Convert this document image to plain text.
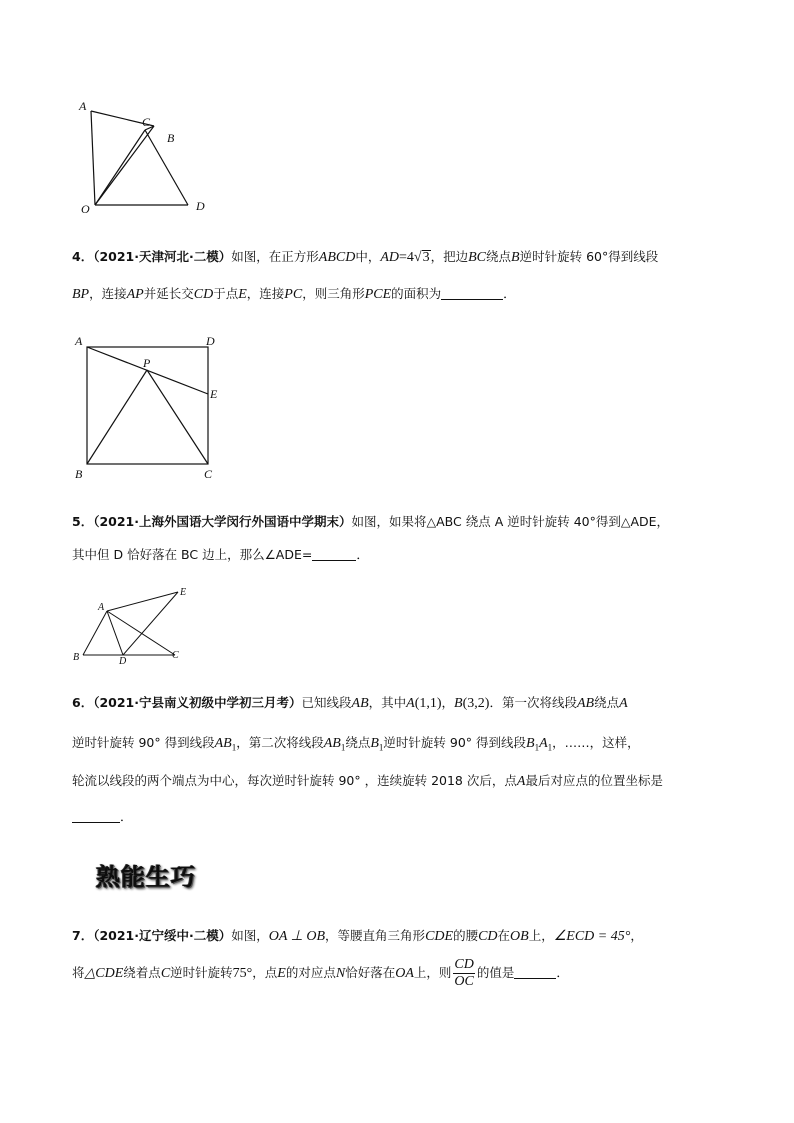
A
C
B
O	D
4．（2021·天津河北·二模）如图，在正方形ABCD中，AD=4√3，把边BC绕点B逆时针旋转 60°得到线段
BP，连接AP并延长交CD于点E，连接PC，则三角形PCE的面积为	．
A	D
P
E
B	C
5．（2021·上海外国语大学闵行外国语中学期末）如图，如果将△ABC 绕点 A 逆时针旋转 40°得到△ADE，
其中但 D 恰好落在 BC 边上，那么∠ADE=	．
A
E
B	D
C
6．（2021·宁县南义初级中学初三月考）已知线段AB，其中A(1,1)，B(3,2)．第一次将线段AB绕点A
逆时针旋转 90° 得到线段$AB_1$，第二次将线段$AB_1$绕点$B_1$逆时针旋转 90° 得到线段$B_1A_1$，……，这样，
轮流以线段的两个端点为中心，每次逆时针旋转 90° ，连续旋转 2018 次后，点A最后对应点的位置坐标是
．
熟能生巧
7．（2021·辽宁绥中·二模）如图，OA ⊥ OB，等腰直角三角形CDE的腰CD在OB上，∠ECD = 45°，
将△CDE绕着点C逆时针旋转75°，点E的对应点N恰好落在OA上，则 $\frac{CD}{OC}$ 的值是	．
